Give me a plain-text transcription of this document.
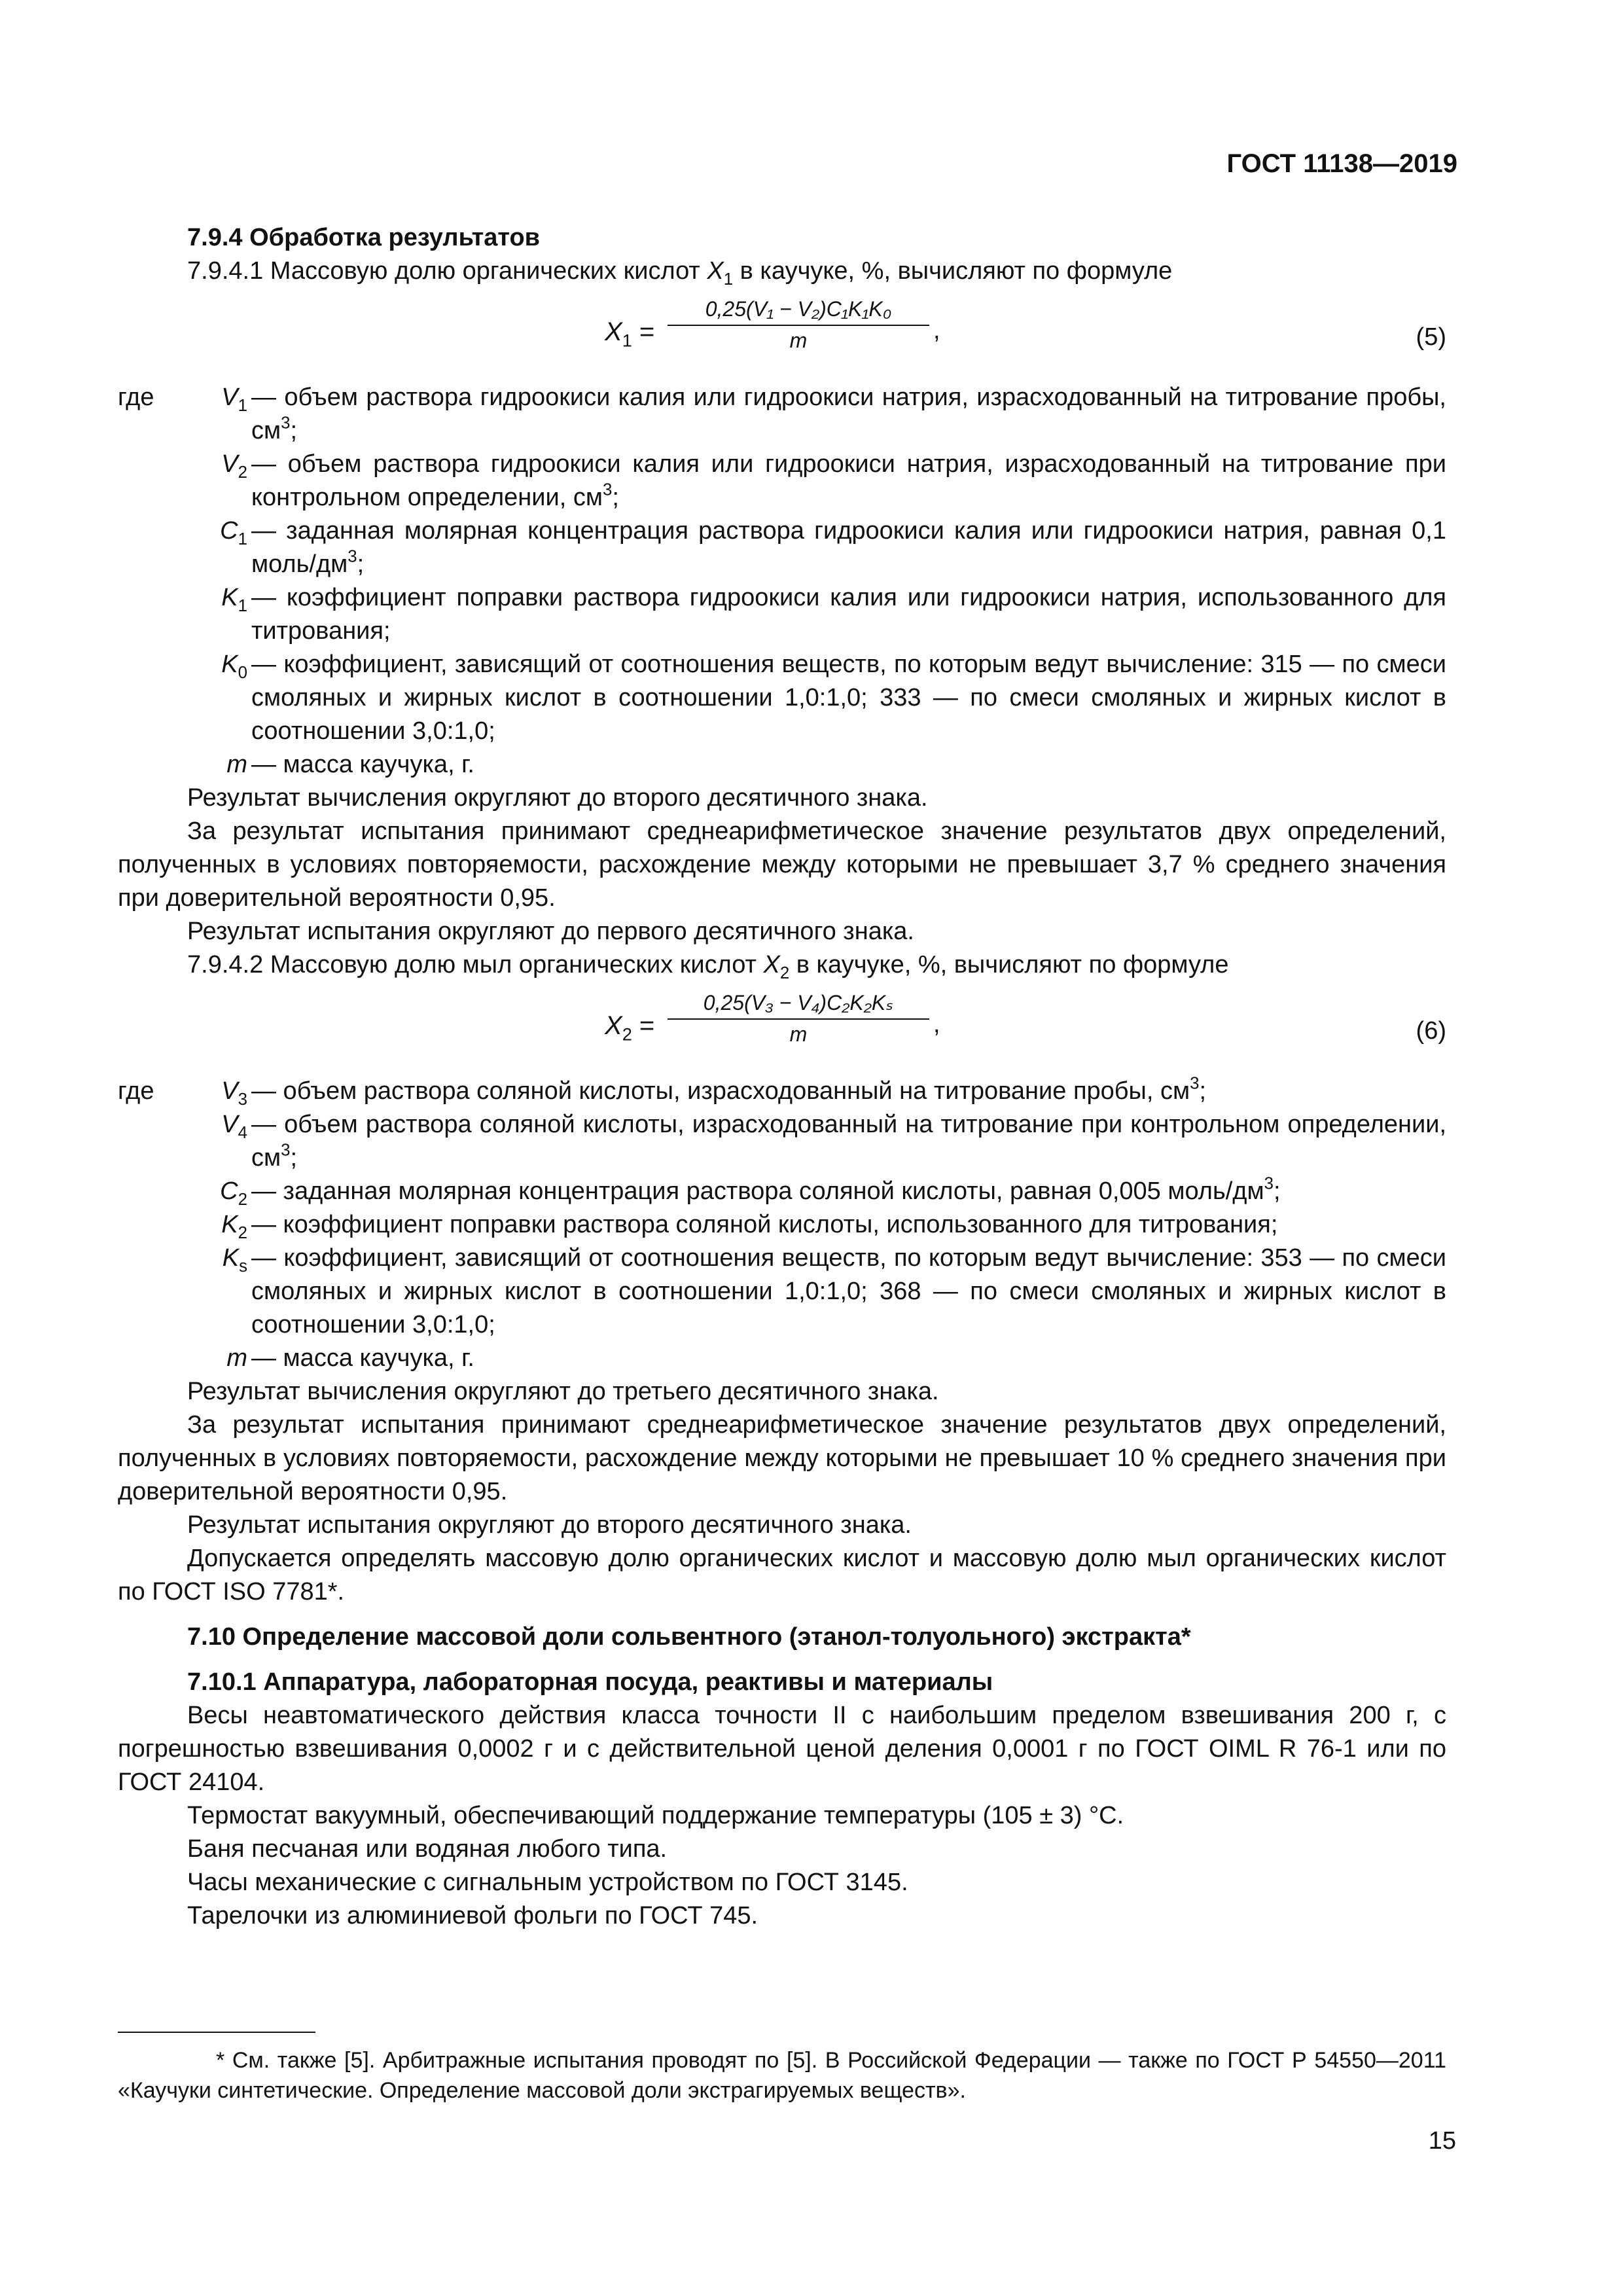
ГОСТ 11138—2019
7.9.4 Обработка результатов
7.9.4.1 Массовую долю органических кислот $X_1$ в каучуке, %, вычисляют по формуле
$X_1$ =
0,25(V₁ − V₂)C₁K₁K₀
m	,	(5)
где	$V_1$ — объем раствора гидроокиси калия или гидроокиси натрия, израсходованный на титрование пробы, $см^3$;
$V_2$ — объем раствора гидроокиси калия или гидроокиси натрия, израсходованный на титрование при контрольном определении, $см^3$;
$C_1$ — заданная молярная концентрация раствора гидроокиси калия или гидроокиси натрия, равная 0,1 моль/$дм^3$;
$K_1$ — коэффициент поправки раствора гидроокиси калия или гидроокиси натрия, использованного для титрования;
$K_0$ — коэффициент, зависящий от соотношения веществ, по которым ведут вычисление: 315 — по смеси смоляных и жирных кислот в соотношении 1,0:1,0; 333 — по смеси смоляных и жирных кислот в соотношении 3,0:1,0;
m — масса каучука, г.
Результат вычисления округляют до второго десятичного знака.
За результат испытания принимают среднеарифметическое значение результатов двух определений, полученных в условиях повторяемости, расхождение между которыми не превышает 3,7 % среднего значения при доверительной вероятности 0,95.
Результат испытания округляют до первого десятичного знака.
7.9.4.2 Массовую долю мыл органических кислот $X_2$ в каучуке, %, вычисляют по формуле
$X_2$ =
0,25(V₃ − V₄)C₂K₂Kₛ
m	,	(6)
где	$V_3$ — объем раствора соляной кислоты, израсходованный на титрование пробы, $см^3$;
$V_4$ — объем раствора соляной кислоты, израсходованный на титрование при контрольном определении, $см^3$;
$C_2$ — заданная молярная концентрация раствора соляной кислоты, равная 0,005 моль/$дм^3$;
$K_2$ — коэффициент поправки раствора соляной кислоты, использованного для титрования;
$K_s$ — коэффициент, зависящий от соотношения веществ, по которым ведут вычисление: 353 — по смеси смоляных и жирных кислот в соотношении 1,0:1,0; 368 — по смеси смоляных и жирных кислот в соотношении 3,0:1,0;
m — масса каучука, г.
Результат вычисления округляют до третьего десятичного знака.
За результат испытания принимают среднеарифметическое значение результатов двух определений, полученных в условиях повторяемости, расхождение между которыми не превышает 10 % среднего значения при доверительной вероятности 0,95.
Результат испытания округляют до второго десятичного знака.
Допускается определять массовую долю органических кислот и массовую долю мыл органических кислот по ГОСТ ISO 7781*.
7.10 Определение массовой доли сольвентного (этанол-толуольного) экстракта*
7.10.1 Аппаратура, лабораторная посуда, реактивы и материалы
Весы неавтоматического действия класса точности II с наибольшим пределом взвешивания 200 г, с погрешностью взвешивания 0,0002 г и с действительной ценой деления 0,0001 г по ГОСТ OIML R 76-1 или по ГОСТ 24104.
Термостат вакуумный, обеспечивающий поддержание температуры (105 ± 3) °С.
Баня песчаная или водяная любого типа.
Часы механические с сигнальным устройством по ГОСТ 3145.
Тарелочки из алюминиевой фольги по ГОСТ 745.
* См. также [5]. Арбитражные испытания проводят по [5]. В Российской Федерации — также по ГОСТ Р 54550—2011 «Каучуки синтетические. Определение массовой доли экстрагируемых веществ».
15
